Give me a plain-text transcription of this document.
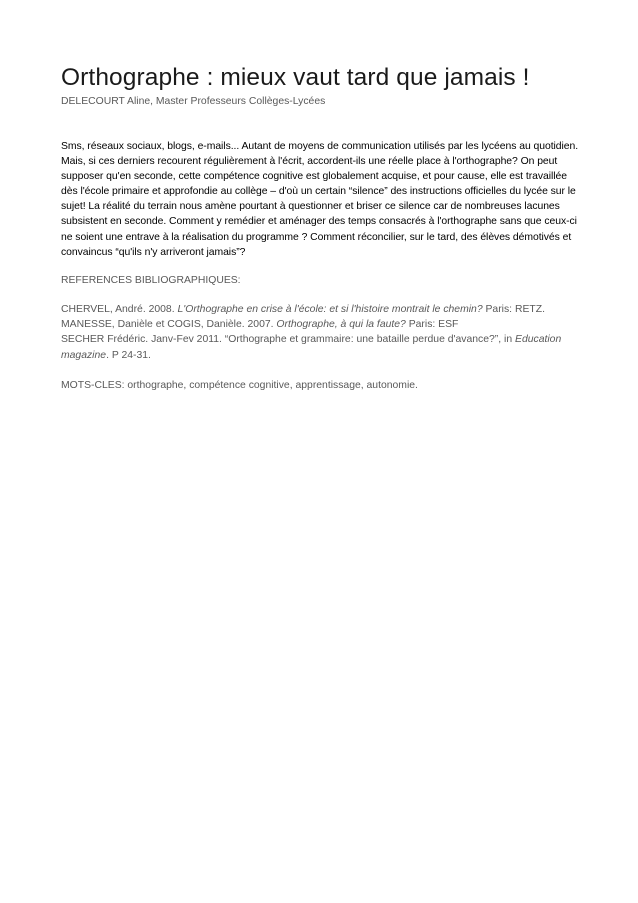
Orthographe : mieux vaut tard que jamais !

DELECOURT Aline, Master Professeurs Collèges-Lycées

Sms, réseaux sociaux, blogs, e-mails... Autant de moyens de communication utilisés par les lycéens au quotidien. Mais, si ces derniers recourent régulièrement à l'écrit, accordent-ils une réelle place à l'orthographe? On peut supposer qu'en seconde, cette compétence cognitive est globalement acquise, et pour cause, elle est travaillée dès l'école primaire et approfondie au collège – d'où un certain “silence” des instructions officielles du lycée sur le sujet! La réalité du terrain nous amène pourtant à questionner et briser ce silence car de nombreuses lacunes subsistent en seconde. Comment y remédier et aménager des temps consacrés à l'orthographe sans que ceux-ci ne soient une entrave à la réalisation du programme ? Comment réconcilier, sur le tard, des élèves démotivés et convaincus “qu'ils n'y arriveront jamais”?

REFERENCES BIBLIOGRAPHIQUES:

CHERVEL, André. 2008. L'Orthographe en crise à l'école: et si l'histoire montrait le chemin? Paris: RETZ.
MANESSE, Danièle et COGIS, Danièle. 2007. Orthographe, à qui la faute? Paris: ESF
SECHER Frédéric. Janv-Fev 2011. “Orthographe et grammaire: une bataille perdue d'avance?”, in Education magazine. P 24-31.

MOTS-CLES: orthographe, compétence cognitive, apprentissage, autonomie.
